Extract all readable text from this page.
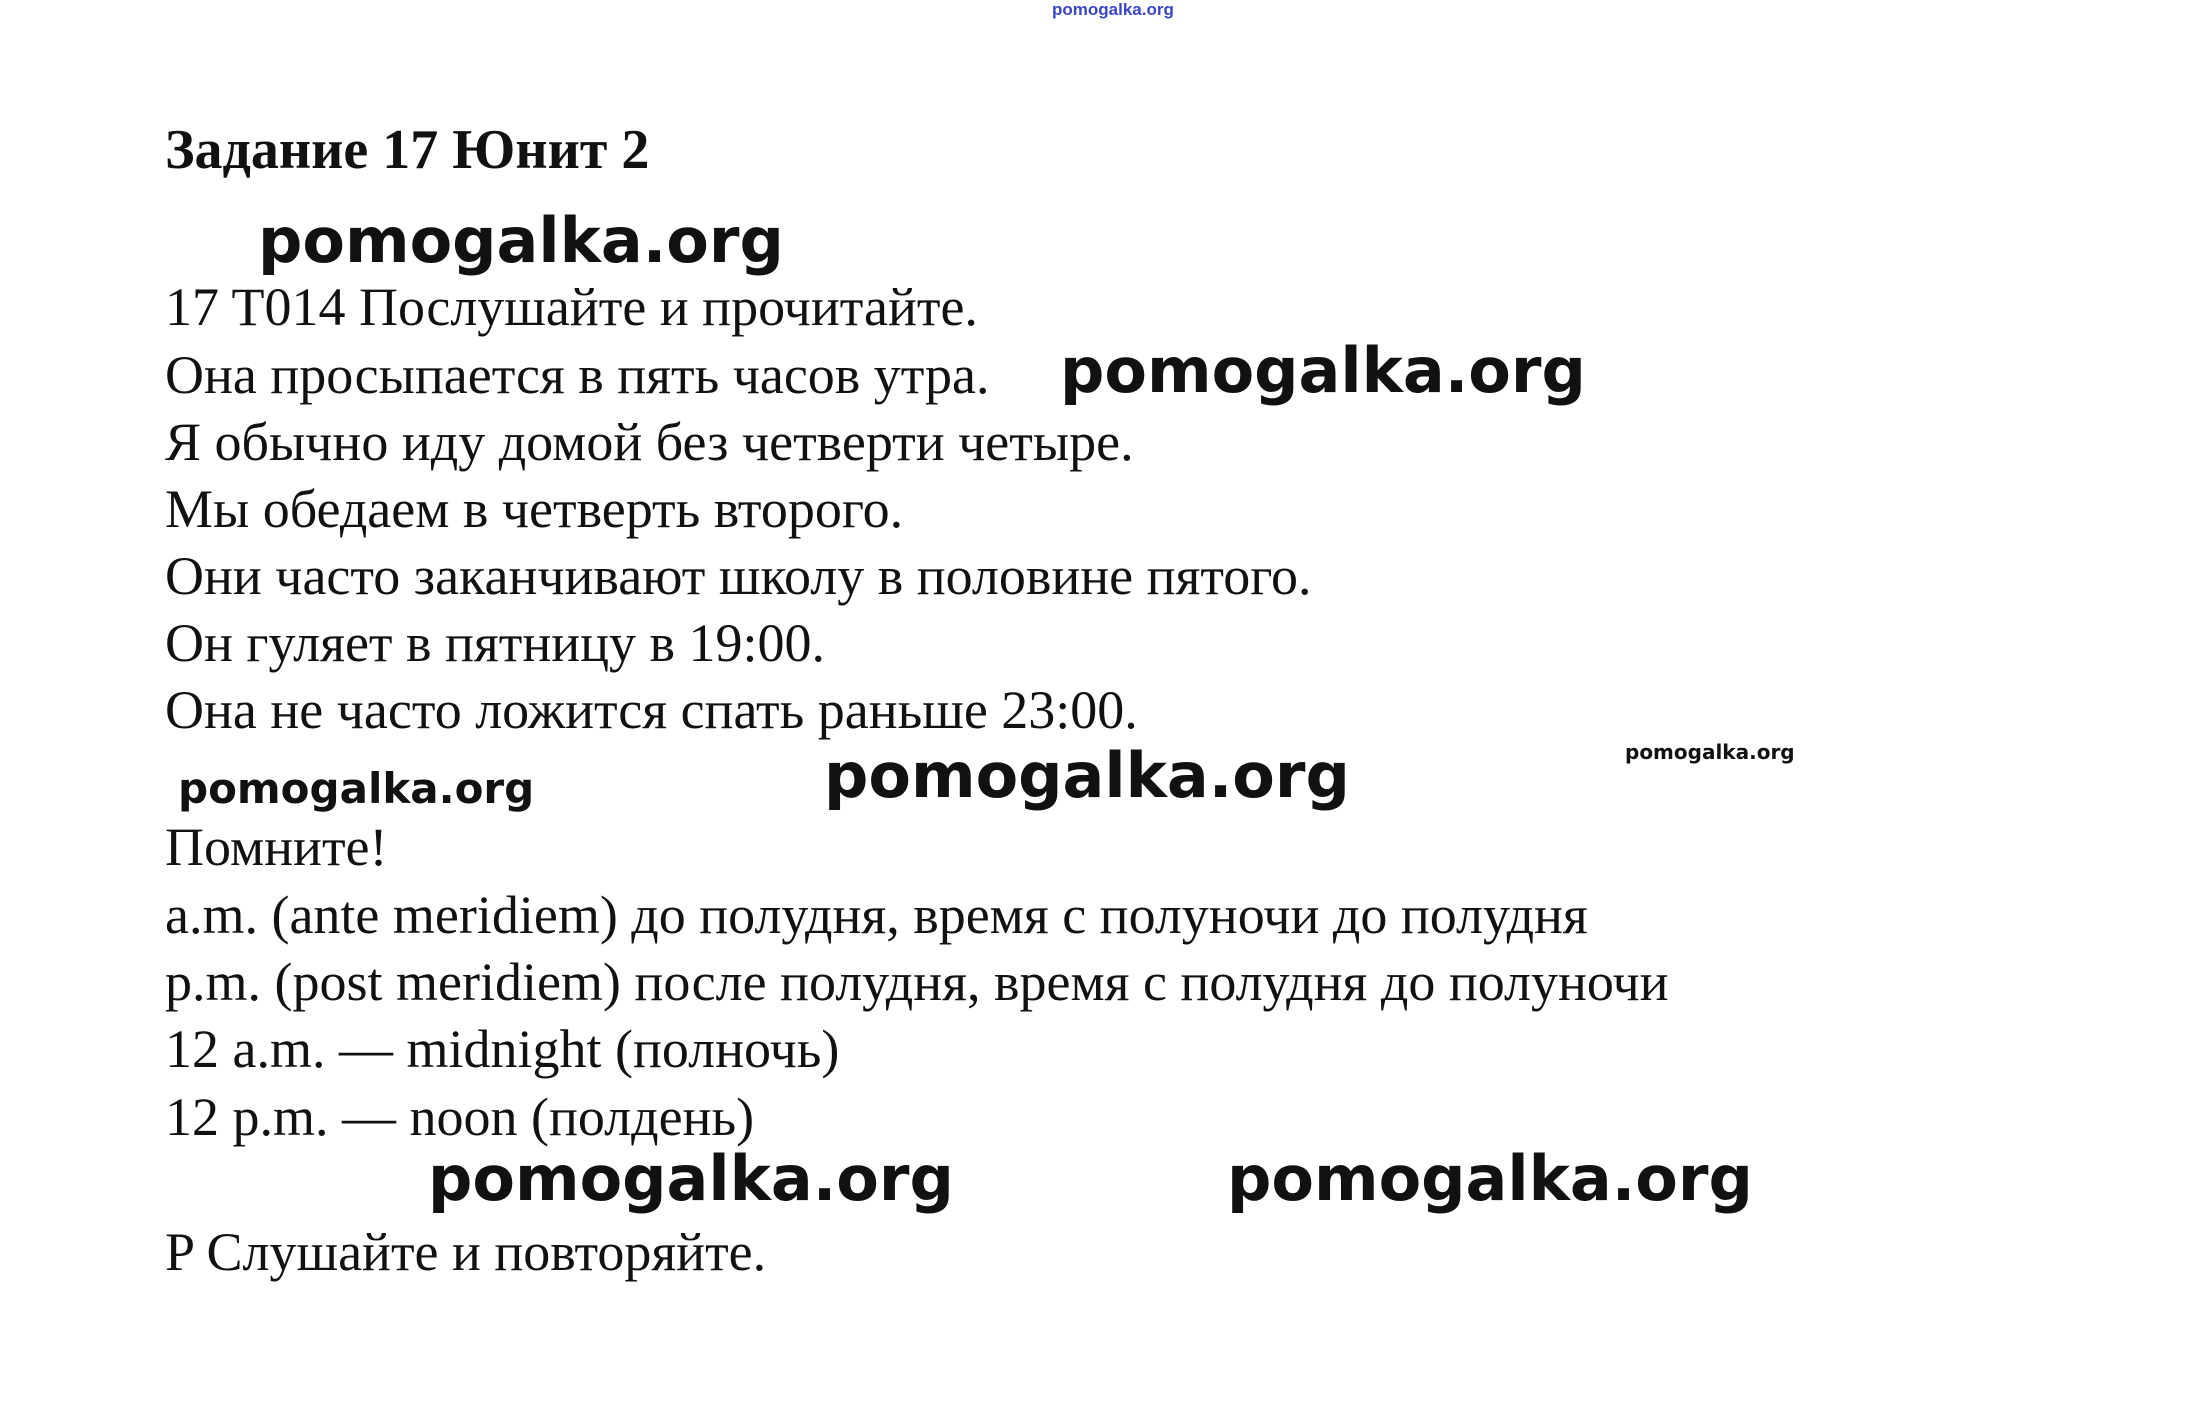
pomogalka.org
Задание 17 Юнит 2
pomogalka.org
17 T014 Послушайте и прочитайте.
Она просыпается в пять часов утра. pomogalka.org
Я обычно иду домой без четверти четыре.
Мы обедаем в четверть второго.
Они часто заканчивают школу в половине пятого.
Он гуляет в пятницу в 19:00.
Она не часто ложится спать раньше 23:00.
pomogalka.org	pomogalka.org	pomogalka.org
Помните!
a.m. (ante meridiem) до полудня, время с полуночи до полудня
p.m. (post meridiem) после полудня, время с полудня до полуночи
12 a.m. — midnight (полночь)
12 p.m. — noon (полдень)
pomogalka.org	pomogalka.org
P Слушайте и повторяйте.
